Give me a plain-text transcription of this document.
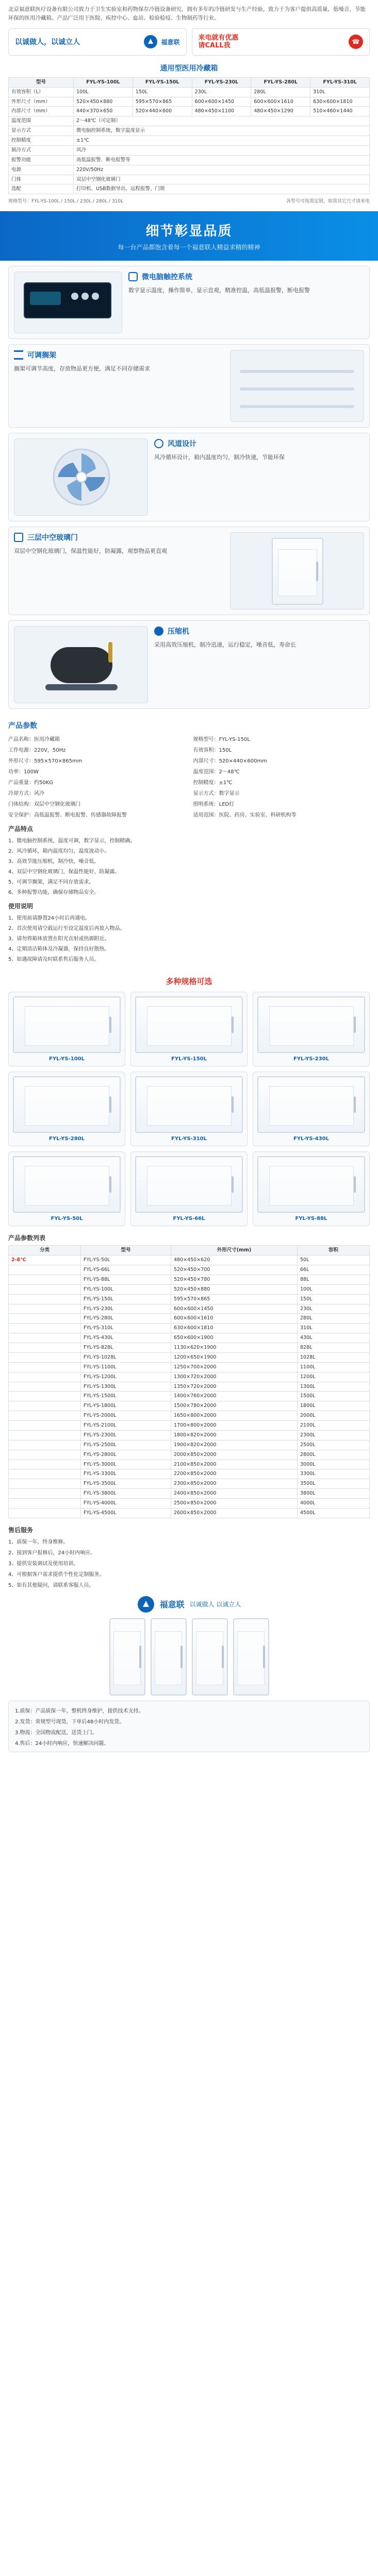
北京福意联医疗设备有限公司致力于卫生实验室和药物保存冷链设备研究，拥有多年的冷链研发与生产经验。致力于为客户提供高质量，低噪音，节能环保的医用冷藏箱。产品广泛用于医院、疾控中心、血站、检验检疫、生物制药等行业。
以诚做人，以诚立人	福意联
来电就有优惠
请CALL我	☎
通用型医用冷藏箱
型号	FYL-YS-100L	FYL-YS-150L	FYL-YS-230L	FYL-YS-280L	FYL-YS-310L
有效容积（L）	100L	150L	230L	280L	310L
外形尺寸（mm）	520×450×880	595×570×865	600×600×1450	600×600×1610	630×600×1810
内部尺寸（mm）	440×370×650	520×440×600	480×450×1100	480×450×1290	510×460×1440
温度范围	2～48℃（可定制）				
显示方式	微电脑控制系统，数字温度显示				
控制精度	±1℃				
制冷方式	风冷				
报警功能	高低温报警、断电报警等				
电源	220V/50Hz				
门体	双层中空钢化玻璃门				
选配	打印机、USB数据导出、远程报警、门锁				
规格型号：FYL-YS-100L / 150L / 230L / 280L / 310L	各型号可按需定制，如需其它尺寸请来电
细节彰显品质
每一台产品都饱含着每一个福意联人精益求精的精神
微电脑触控系统
数字显示温度，操作简单，显示直观，精准控温，高低温报警，断电报警
可调搁架
搁架可调节高度，存放物品更方便，满足不同存储需求
风道设计
风冷循环设计，箱内温度均匀，制冷快速，节能环保
三层中空玻璃门
双层中空钢化玻璃门，保温性能好，防凝露，观察物品更直观
压缩机
采用高效压缩机，制冷迅速，运行稳定，噪音低，寿命长
产品参数
产品名称：医用冷藏箱	规格型号：FYL-YS-150L
工作电源：220V，50Hz	有效容积：150L
外形尺寸：595×570×865mm	内部尺寸：520×440×600mm
功率：100W	温度范围：2～48℃
产品重量：约50KG	控制精度：±1℃
冷却方式：风冷	显示方式：数字显示
门体结构：双层中空钢化玻璃门	照明系统：LED灯
安全保护：高低温报警、断电报警、传感器故障报警	适用范围：医院、药房、实验室、科研机构等
产品特点
1、微电脑控制系统，温度可调，数字显示，控制精确。
2、风冷循环，箱内温度均匀，温度波动小。
3、高效节能压缩机，制冷快，噪音低。
4、双层中空钢化玻璃门，保温性能好，防凝露。
5、可调节搁架，满足不同存放需求。
6、多种报警功能，确保存储物品安全。
使用说明
1、使用前请静置24小时后再通电。
2、首次使用请空载运行至设定温度后再放入物品。
3、请勿将箱体放置在阳光直射或热源附近。
4、定期清洁箱体及冷凝器，保持良好散热。
5、如遇故障请及时联系售后服务人员。
多种规格可选
FYL-YS-100L	FYL-YS-150L	FYL-YS-230L
FYL-YS-280L	FYL-YS-310L	FYL-YS-430L
FYL-YS-50L	FYL-YS-66L	FYL-YS-88L
产品参数列表
分类	型号	外形尺寸(mm)	容积
2-8℃	FYL-YS-50L	480×450×620	50L
	FYL-YS-66L	520×450×700	66L
	FYL-YS-88L	520×450×780	88L
	FYL-YS-100L	520×450×880	100L
	FYL-YS-150L	595×570×865	150L
	FYL-YS-230L	600×600×1450	230L
	FYL-YS-280L	600×600×1610	280L
	FYL-YS-310L	630×600×1810	310L
	FYL-YS-430L	650×600×1900	430L
	FYL-YS-828L	1130×620×1900	828L
	FYL-YS-1028L	1200×650×1900	1028L
	FYL-YS-1100L	1250×700×2000	1100L
	FYL-YS-1200L	1300×720×2000	1200L
	FYL-YS-1300L	1350×720×2000	1300L
	FYL-YS-1500L	1400×760×2000	1500L
	FYL-YS-1800L	1500×780×2000	1800L
	FYL-YS-2000L	1650×800×2000	2000L
	FYL-YS-2100L	1700×800×2000	2100L
	FYL-YS-2300L	1800×820×2000	2300L
	FYL-YS-2500L	1900×820×2000	2500L
	FYL-YS-2800L	2000×850×2000	2800L
	FYL-YS-3000L	2100×850×2000	3000L
	FYL-YS-3300L	2200×850×2000	3300L
	FYL-YS-3500L	2300×850×2000	3500L
	FYL-YS-3800L	2400×850×2000	3800L
	FYL-YS-4000L	2500×850×2000	4000L
	FYL-YS-4500L	2600×850×2000	4500L
售后服务
1、质保一年，终身维修。
2、接到客户报修后，24小时内响应。
3、提供安装调试及使用培训。
4、可根据客户需求提供个性化定制服务。
5、如有其他疑问，请联系客服人员。
福意联 以诚做人 以诚立人
1.质保：产品质保一年，整机终身维护，提供技术支持。
2.发货：常规型号现货，下单后48小时内发货。
3.物流：全国物流配送，送货上门。
4.售后：24小时内响应，快速解决问题。
